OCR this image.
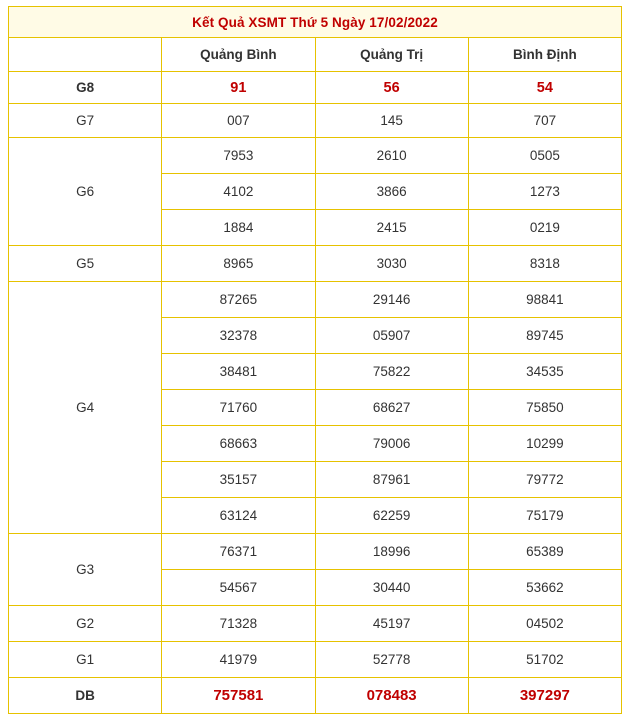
Kết Quả XSMT Thứ 5 Ngày 17/02/2022			
	Quảng Bình	Quảng Trị	Bình Định
G8	91	56	54
G7	007	145	707
G6	7953	2610	0505
	4102	3866	1273
	1884	2415	0219
G5	8965	3030	8318
G4	87265	29146	98841
	32378	05907	89745
	38481	75822	34535
	71760	68627	75850
	68663	79006	10299
	35157	87961	79772
	63124	62259	75179
G3	76371	18996	65389
	54567	30440	53662
G2	71328	45197	04502
G1	41979	52778	51702
DB	757581	078483	397297
